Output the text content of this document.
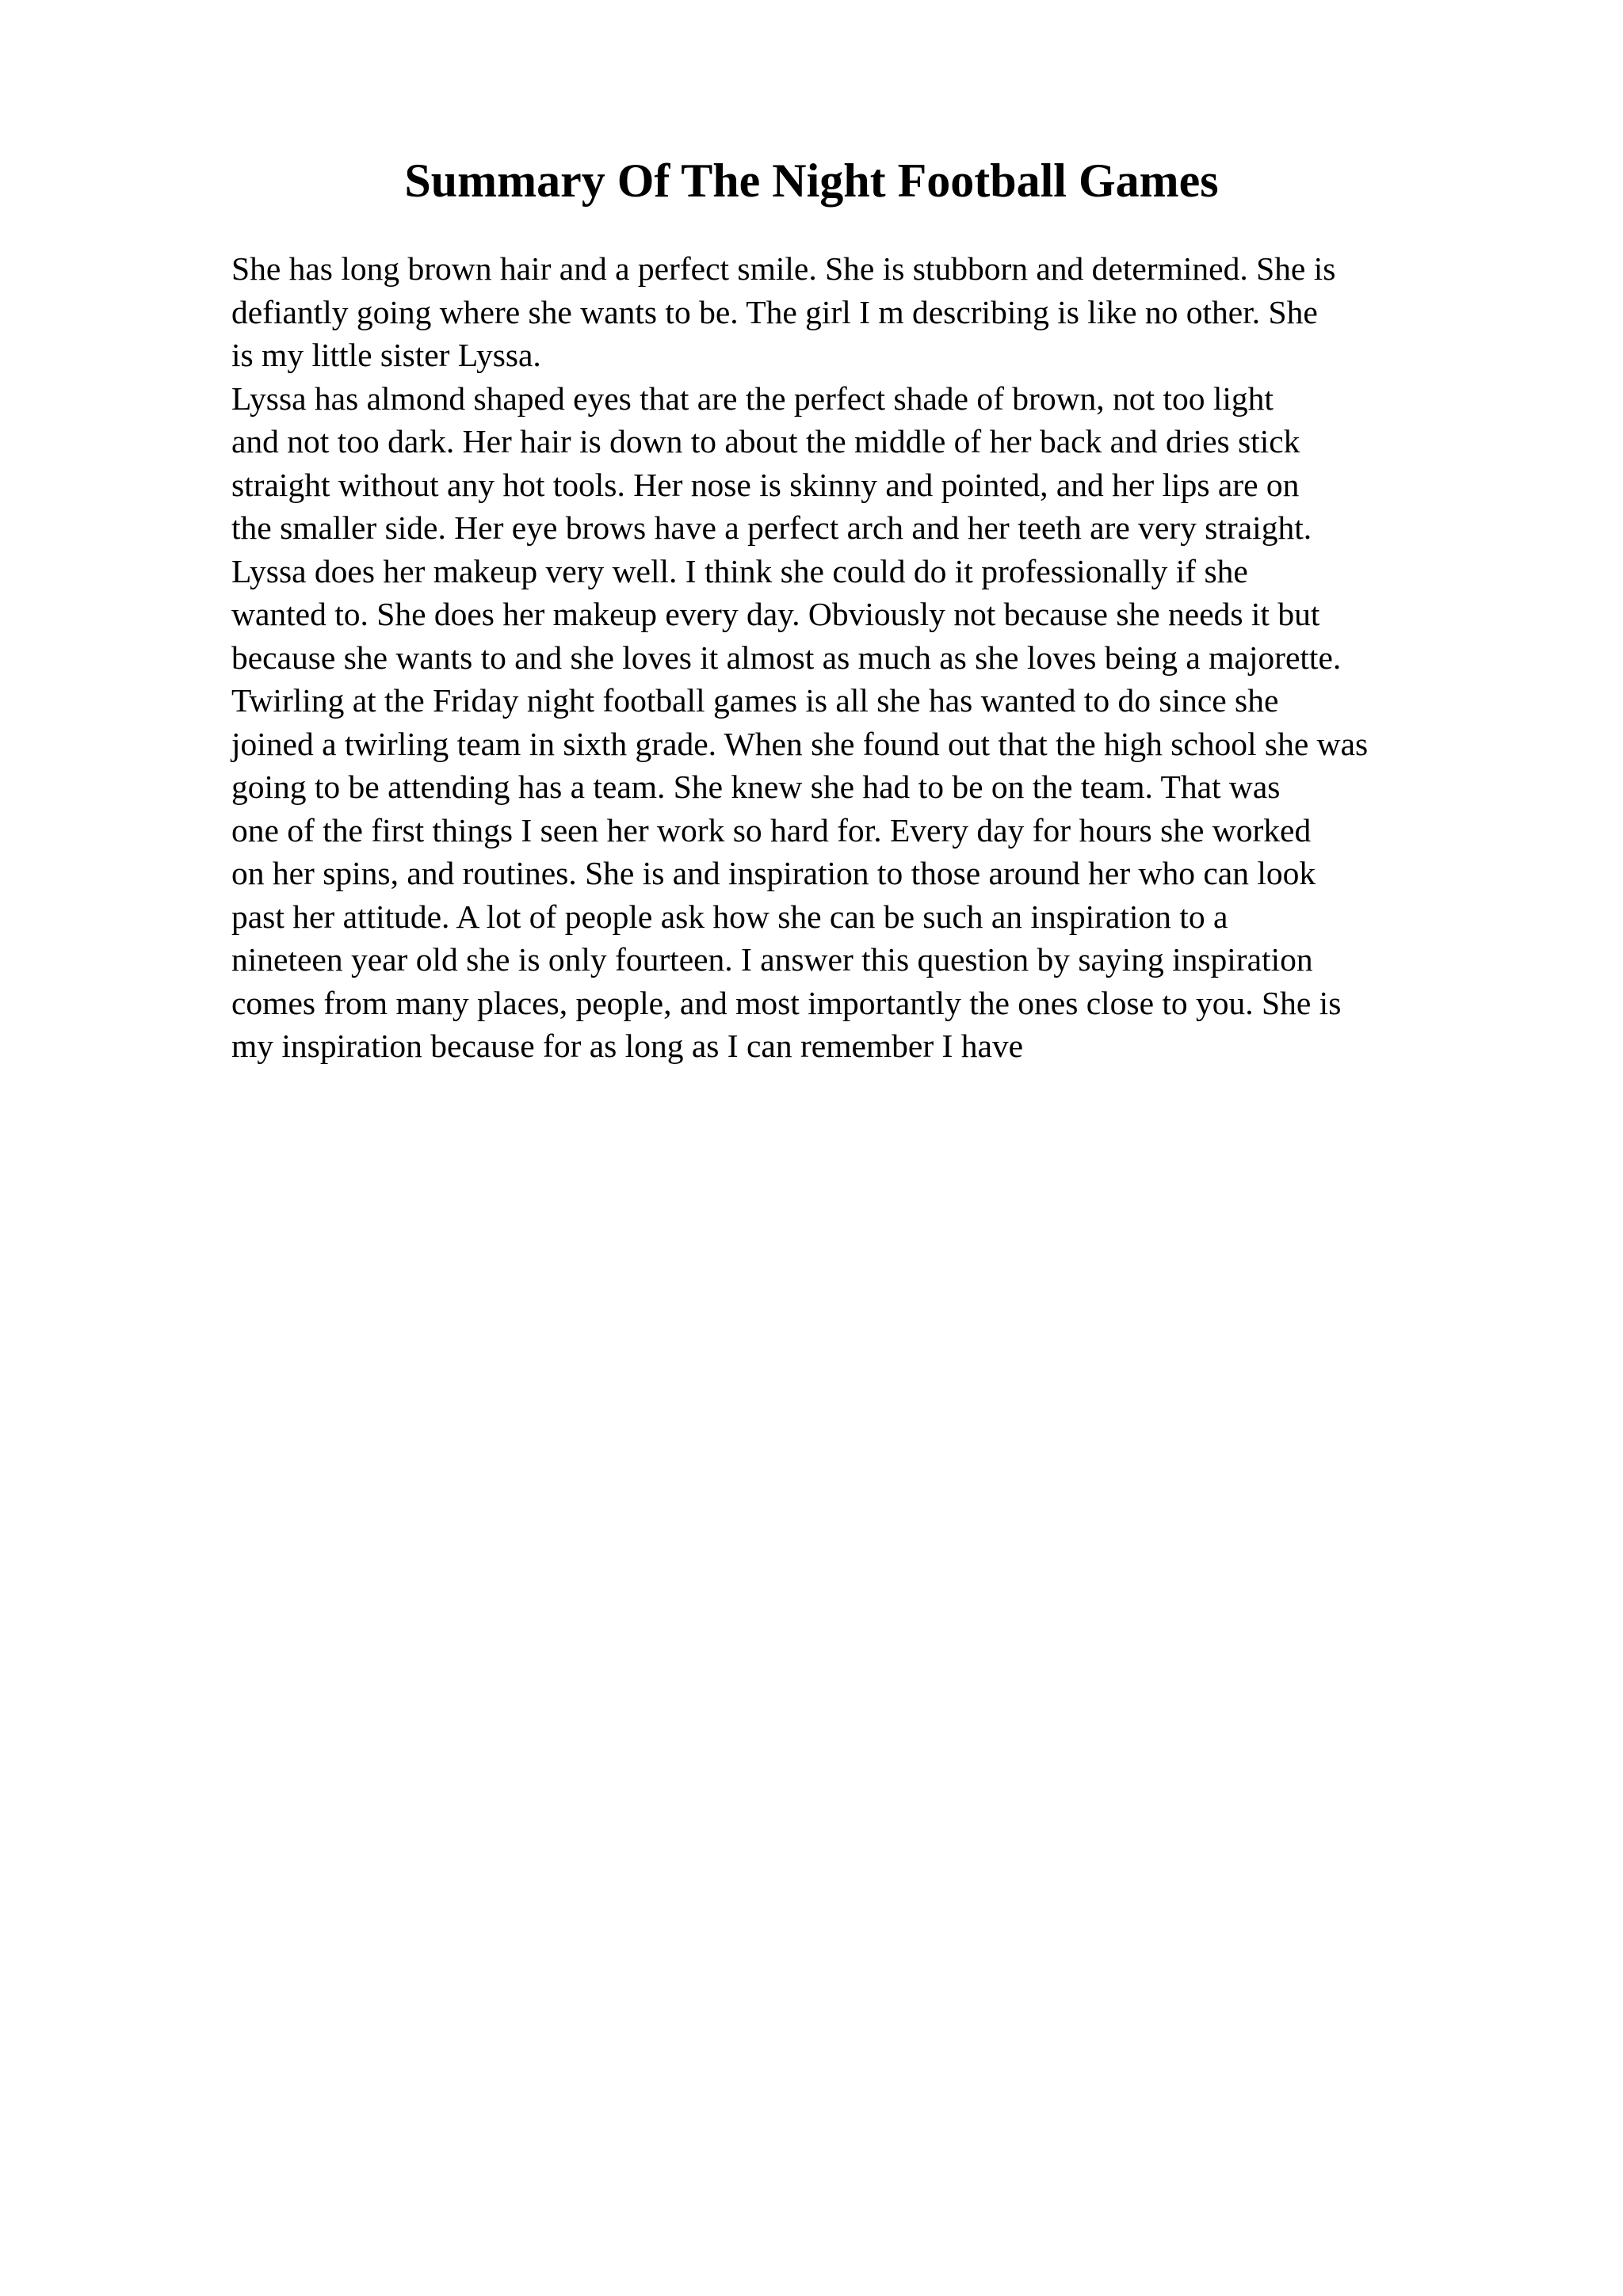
Summary Of The Night Football Games
She has long brown hair and a perfect smile. She is stubborn and determined. She is
defiantly going where she wants to be. The girl I m describing is like no other. She
is my little sister Lyssa.
Lyssa has almond shaped eyes that are the perfect shade of brown, not too light
and not too dark. Her hair is down to about the middle of her back and dries stick
straight without any hot tools. Her nose is skinny and pointed, and her lips are on
the smaller side. Her eye brows have a perfect arch and her teeth are very straight.
Lyssa does her makeup very well. I think she could do it professionally if she
wanted to. She does her makeup every day. Obviously not because she needs it but
because she wants to and she loves it almost as much as she loves being a majorette.
Twirling at the Friday night football games is all she has wanted to do since she
joined a twirling team in sixth grade. When she found out that the high school she was
going to be attending has a team. She knew she had to be on the team. That was
one of the first things I seen her work so hard for. Every day for hours she worked
on her spins, and routines. She is and inspiration to those around her who can look
past her attitude. A lot of people ask how she can be such an inspiration to a
nineteen year old she is only fourteen. I answer this question by saying inspiration
comes from many places, people, and most importantly the ones close to you. She is
my inspiration because for as long as I can remember I have
